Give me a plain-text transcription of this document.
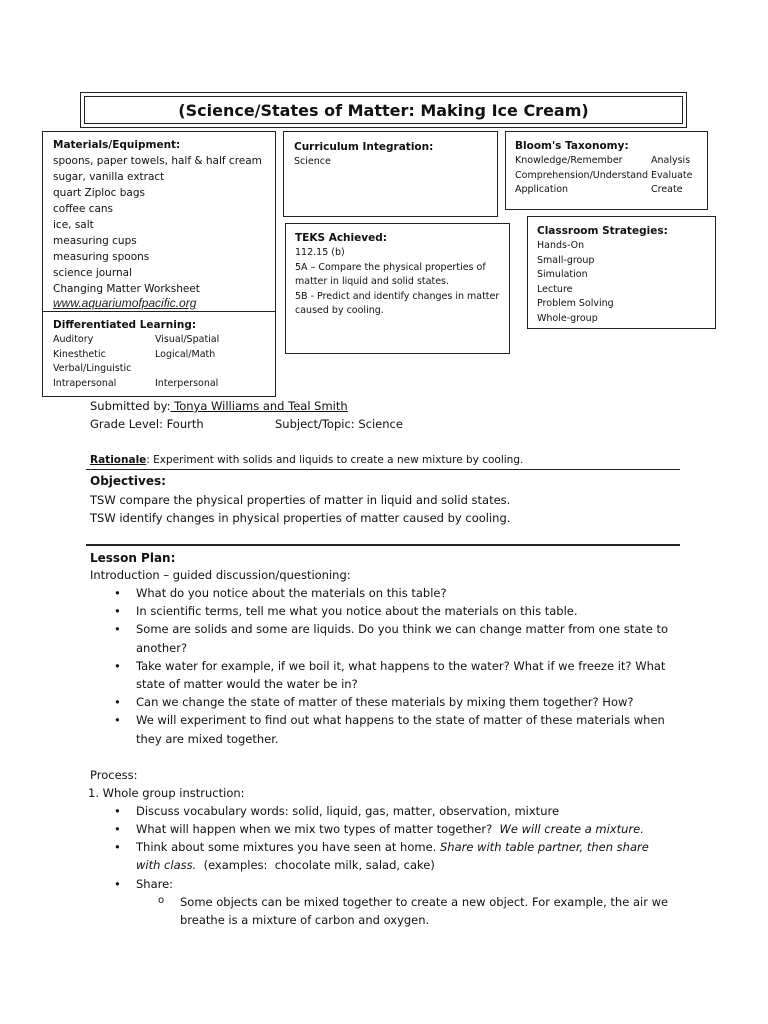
(Science/States of Matter: Making Ice Cream)
Materials/Equipment:
spoons, paper towels, half & half cream
sugar, vanilla extract
quart Ziploc bags
coffee cans
ice, salt
measuring cups
measuring spoons
science journal
Changing Matter Worksheet
www.aquariumofpacific.org
Differentiated Learning:
Auditory	Visual/Spatial
Kinesthetic	Logical/Math
Verbal/Linguistic
Intrapersonal	Interpersonal
Curriculum Integration:
Science
TEKS Achieved:
112.15 (b)
5A – Compare the physical properties of
matter in liquid and solid states.
5B - Predict and identify changes in matter
caused by cooling.
Bloom's Taxonomy:
Knowledge/Remember	Analysis
Comprehension/Understand Evaluate
Application	Create
Classroom Strategies:
Hands-On
Small-group
Simulation
Lecture
Problem Solving
Whole-group
Submitted by: Tonya Williams and Teal Smith
Grade Level: Fourth	Subject/Topic: Science
Rationale: Experiment with solids and liquids to create a new mixture by cooling.
Objectives:
TSW compare the physical properties of matter in liquid and solid states.
TSW identify changes in physical properties of matter caused by cooling.
Lesson Plan:
Introduction – guided discussion/questioning:
• What do you notice about the materials on this table?
• In scientific terms, tell me what you notice about the materials on this table.
• Some are solids and some are liquids. Do you think we can change matter from one state to another?
• Take water for example, if we boil it, what happens to the water? What if we freeze it? What state of matter would the water be in?
• Can we change the state of matter of these materials by mixing them together? How?
• We will experiment to find out what happens to the state of matter of these materials when they are mixed together.
Process:
1. Whole group instruction:
• Discuss vocabulary words: solid, liquid, gas, matter, observation, mixture
• What will happen when we mix two types of matter together?  We will create a mixture.
• Think about some mixtures you have seen at home. Share with table partner, then share with class.  (examples:  chocolate milk, salad, cake)
• Share:
o Some objects can be mixed together to create a new object. For example, the air we breathe is a mixture of carbon and oxygen.
